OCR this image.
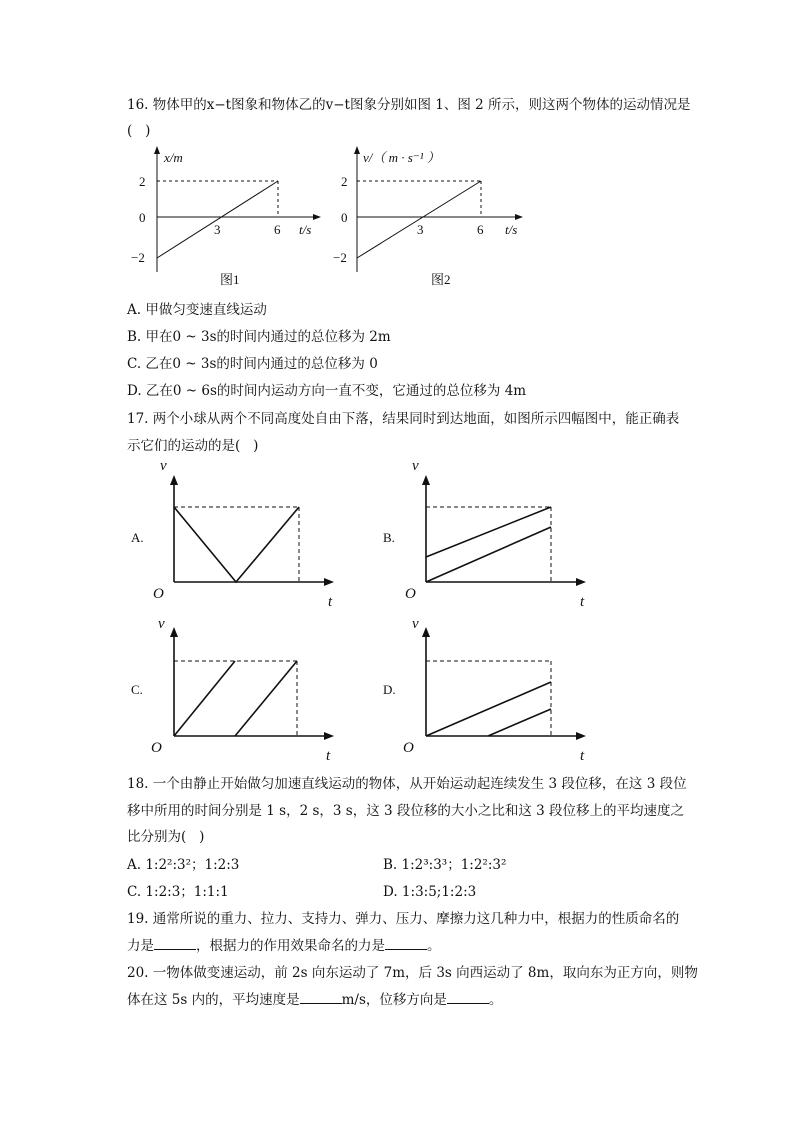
16. 物体甲的x−t图象和物体乙的v−t图象分别如图 1、图 2 所示，则这两个物体的运动情况是
(   )
x/m
2
0
−2
3	6 t/s
图1
v/（ m · s⁻¹ ）
2
0
−2
3	6 t/s
图2
A. 甲做匀变速直线运动
B. 甲在0 ~ 3s的时间内通过的总位移为 2m
C. 乙在0 ~ 3s的时间内通过的总位移为 0
D. 乙在0 ~ 6s的时间内运动方向一直不变，它通过的总位移为 4m
17. 两个小球从两个不同高度处自由下落，结果同时到达地面，如图所示四幅图中，能正确表
示它们的运动的是(   )
A.
v
O	t
B.
v
O	t
C.
v
O	t
D.
v
O	t
18. 一个由静止开始做匀加速直线运动的物体，从开始运动起连续发生 3 段位移，在这 3 段位
移中所用的时间分别是 1 s，2 s，3 s，这 3 段位移的大小之比和这 3 段位移上的平均速度之
比分别为(   )
A. 1:2²:3²；1:2:3	B. 1:2³:3³；1:2²:3²
C. 1:2:3；1:1:1	D. 1:3:5;1:2:3
19. 通常所说的重力、拉力、支持力、弹力、压力、摩擦力这几种力中，根据力的性质命名的
力是	，根据力的作用效果命名的力是	。
20. 一物体做变速运动，前 2s 向东运动了 7m，后 3s 向西运动了 8m，取向东为正方向，则物
体在这 5s 内的，平均速度是	m/s，位移方向是	。
